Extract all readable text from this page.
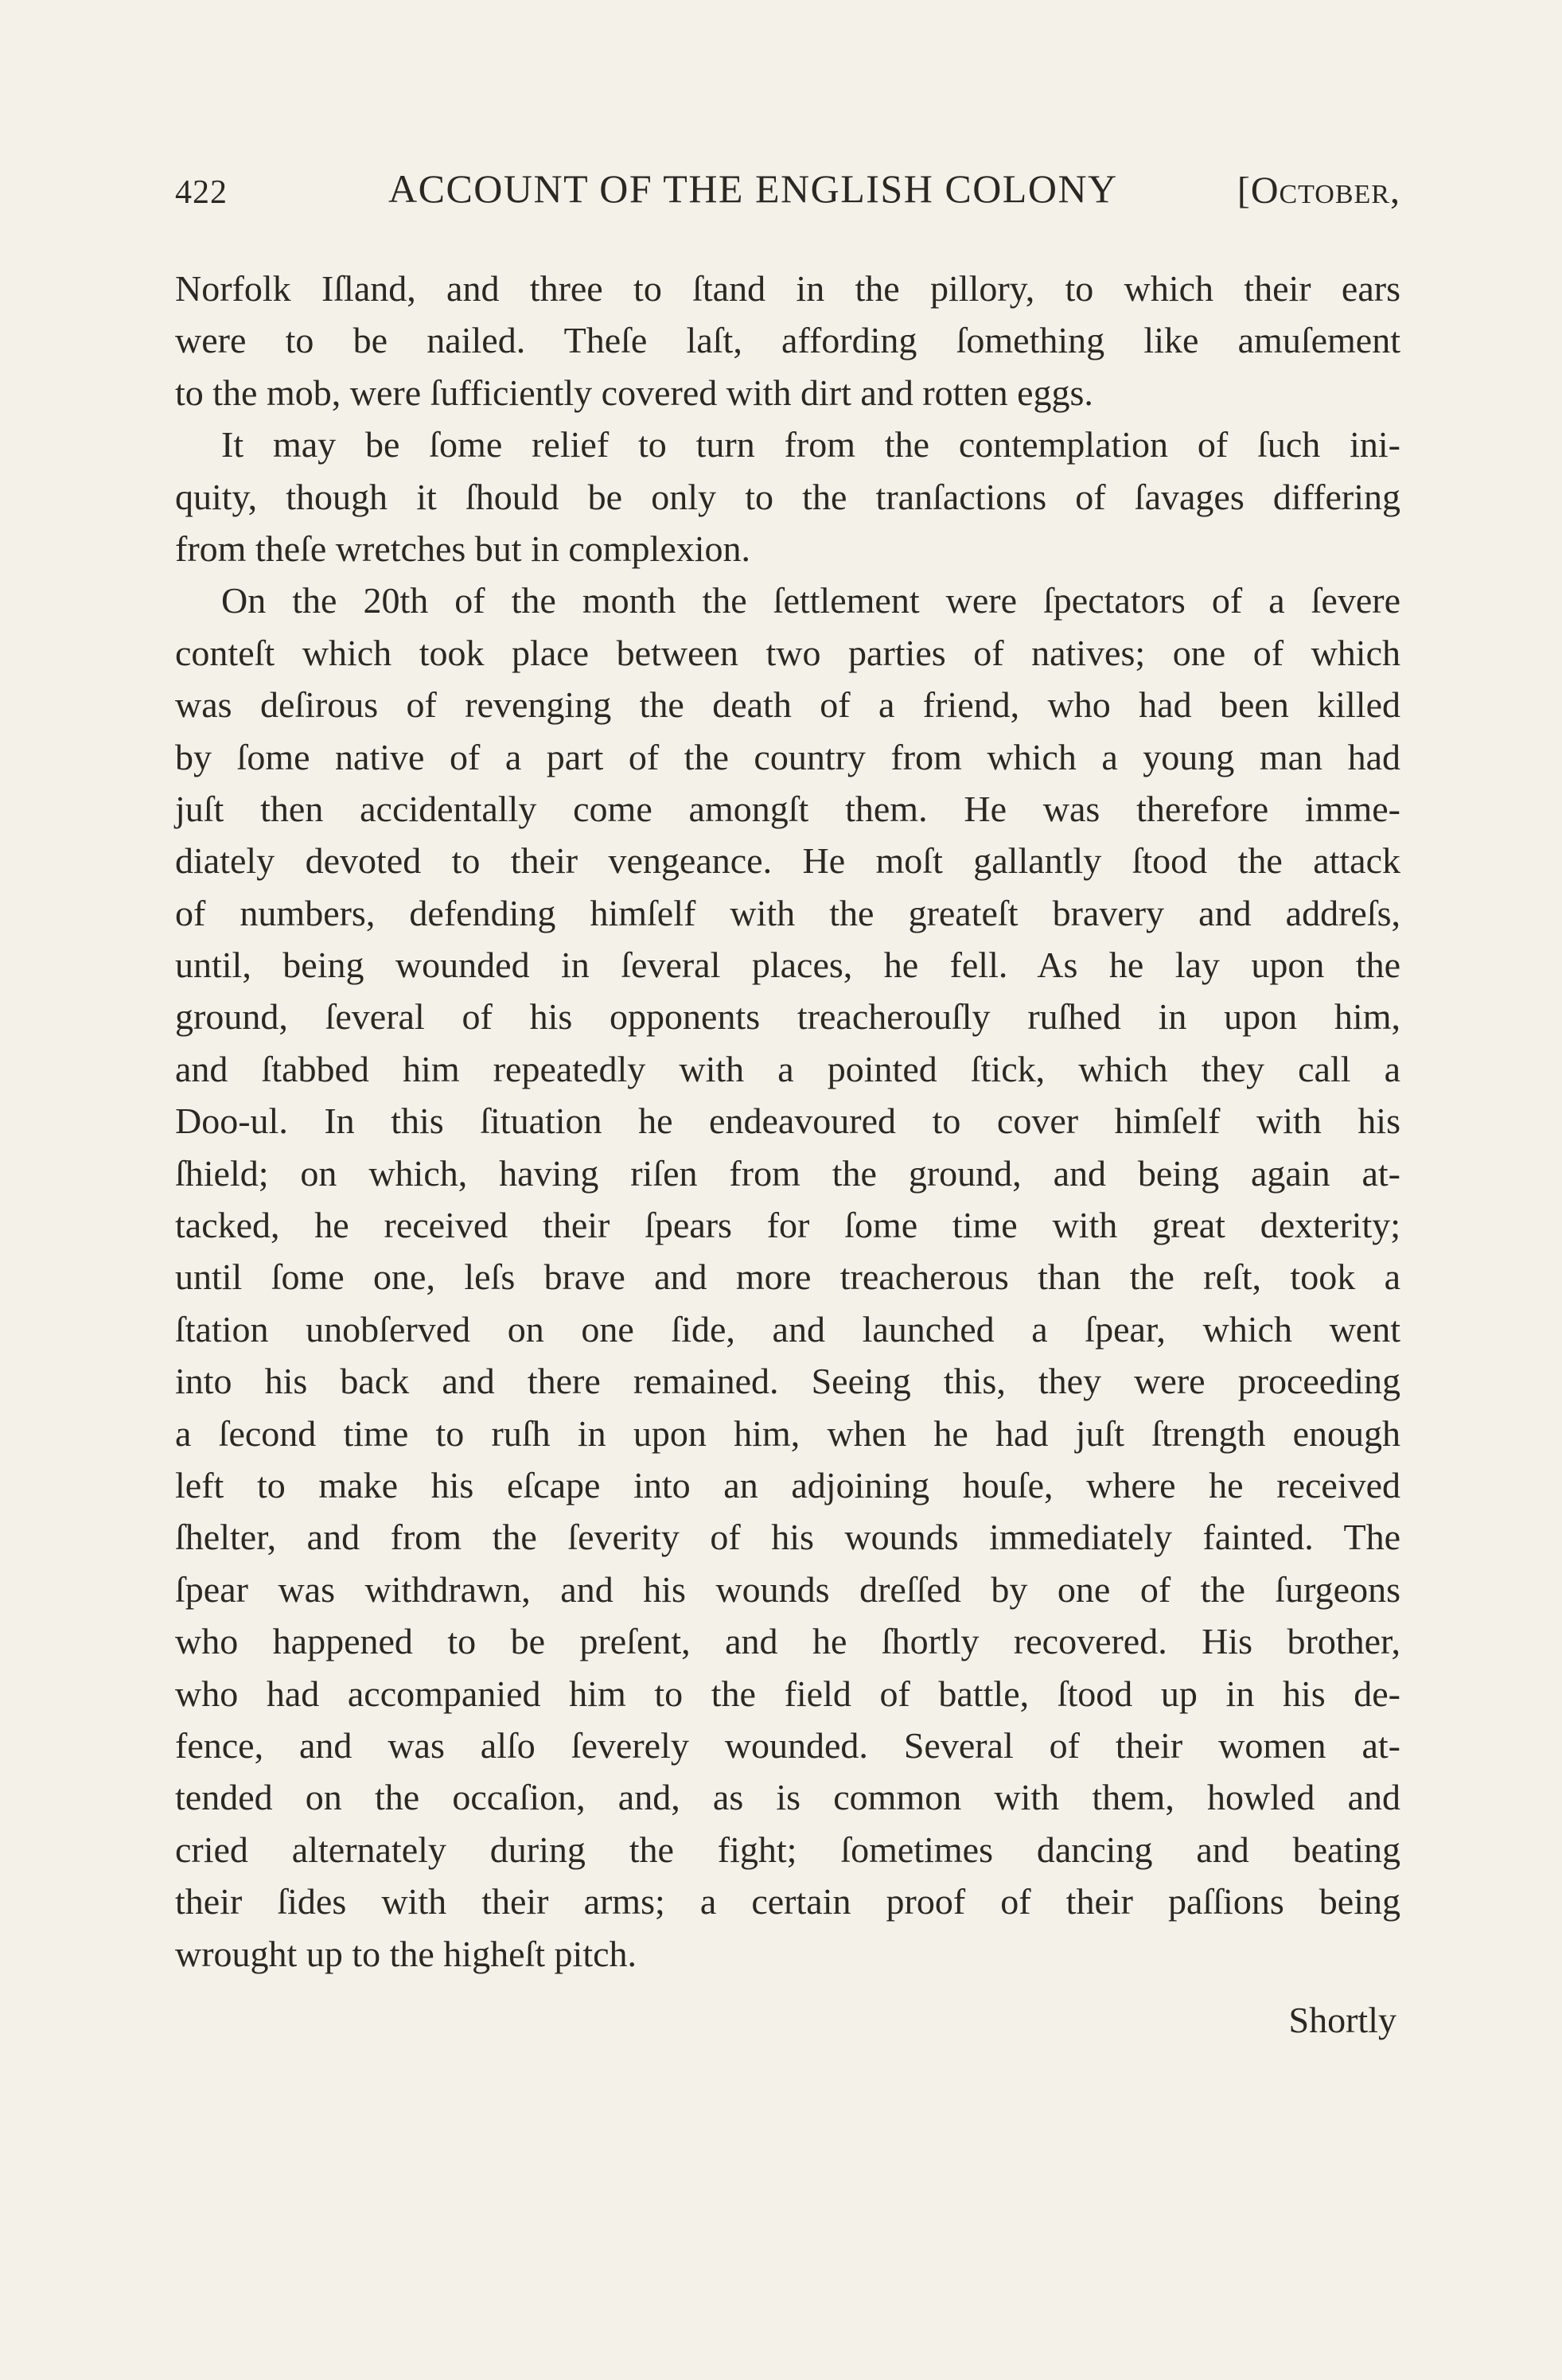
422	ACCOUNT OF THE ENGLISH COLONY	[October,
Norfolk Iſland, and three to ſtand in the pillory, to which their ears
were to be nailed. Theſe laſt, affording ſomething like amuſement
to the mob, were ſufficiently covered with dirt and rotten eggs.
It may be ſome relief to turn from the contemplation of ſuch ini-
quity, though it ſhould be only to the tranſactions of ſavages differing
from theſe wretches but in complexion.
On the 20th of the month the ſettlement were ſpectators of a ſevere
conteſt which took place between two parties of natives; one of which
was deſirous of revenging the death of a friend, who had been killed
by ſome native of a part of the country from which a young man had
juſt then accidentally come amongſt them. He was therefore imme-
diately devoted to their vengeance. He moſt gallantly ſtood the attack
of numbers, defending himſelf with the greateſt bravery and addreſs,
until, being wounded in ſeveral places, he fell. As he lay upon the
ground, ſeveral of his opponents treacherouſly ruſhed in upon him,
and ſtabbed him repeatedly with a pointed ſtick, which they call a
Doo-ul. In this ſituation he endeavoured to cover himſelf with his
ſhield; on which, having riſen from the ground, and being again at-
tacked, he received their ſpears for ſome time with great dexterity;
until ſome one, leſs brave and more treacherous than the reſt, took a
ſtation unobſerved on one ſide, and launched a ſpear, which went
into his back and there remained. Seeing this, they were proceeding
a ſecond time to ruſh in upon him, when he had juſt ſtrength enough
left to make his eſcape into an adjoining houſe, where he received
ſhelter, and from the ſeverity of his wounds immediately fainted. The
ſpear was withdrawn, and his wounds dreſſed by one of the ſurgeons
who happened to be preſent, and he ſhortly recovered. His brother,
who had accompanied him to the field of battle, ſtood up in his de-
fence, and was alſo ſeverely wounded. Several of their women at-
tended on the occaſion, and, as is common with them, howled and
cried alternately during the fight; ſometimes dancing and beating
their ſides with their arms; a certain proof of their paſſions being
wrought up to the higheſt pitch.
Shortly
